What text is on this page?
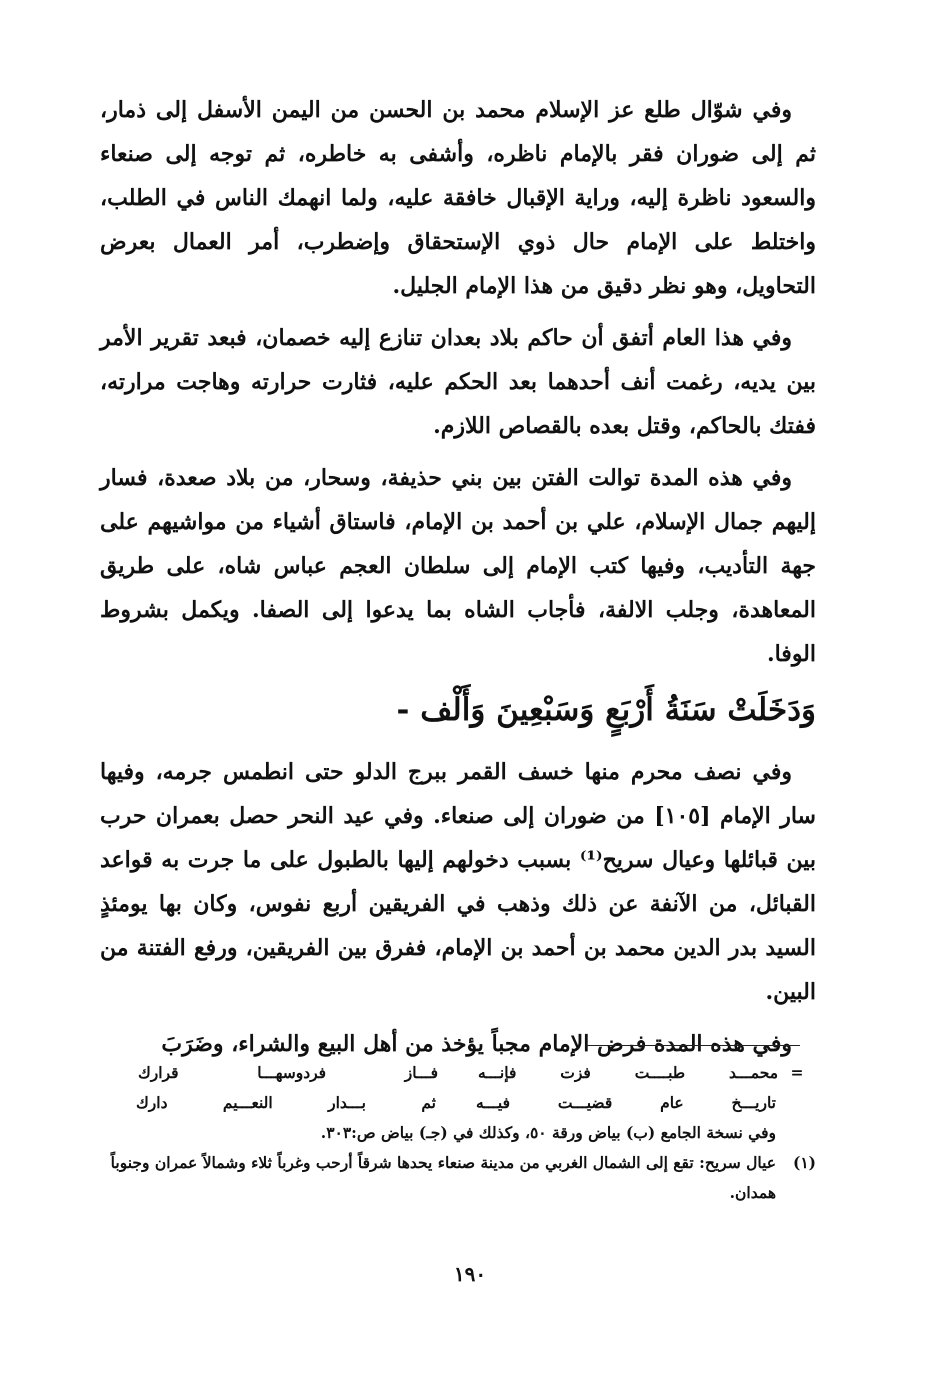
وفي شوّال طلع عز الإسلام محمد بن الحسن من اليمن الأسفل إلى ذمار، ثم إلى ضوران فقر بالإمام ناظره، وأشفى به خاطره، ثم توجه إلى صنعاء والسعود ناظرة إليه، وراية الإقبال خافقة عليه، ولما انهمك الناس في الطلب، واختلط على الإمام حال ذوي الإستحقاق وإضطرب، أمر العمال بعرض التحاويل، وهو نظر دقيق من هذا الإمام الجليل.

وفي هذا العام أتفق أن حاكم بلاد بعدان تنازع إليه خصمان، فبعد تقرير الأمر بين يديه، رغمت أنف أحدهما بعد الحكم عليه، فثارت حرارته وهاجت مرارته، ففتك بالحاكم، وقتل بعده بالقصاص اللازم.

وفي هذه المدة توالت الفتن بين بني حذيفة، وسحار، من بلاد صعدة، فسار إليهم جمال الإسلام، علي بن أحمد بن الإمام، فاستاق أشياء من مواشيهم على جهة التأديب، وفيها كتب الإمام إلى سلطان العجم عباس شاه، على طريق المعاهدة، وجلب الالفة، فأجاب الشاه بما يدعوا إلى الصفا. ويكمل بشروط الوفا.

وَدَخَلَتْ سَنَةُ أَرْبَعٍ وَسَبْعِينَ وَأَلْف -

وفي نصف محرم منها خسف القمر ببرج الدلو حتى انطمس جرمه، وفيها سار الإمام [١٠٥] من ضوران إلى صنعاء. وفي عيد النحر حصل بعمران حرب بين قبائلها وعيال سريح⁽¹⁾ بسبب دخولهم إليها بالطبول على ما جرت به قواعد القبائل، من الآنفة عن ذلك وذهب في الفريقين أربع نفوس، وكان بها يومئذٍ السيد بدر الدين محمد بن أحمد بن الإمام، ففرق بين الفريقين، ورفع الفتنة من البين.

وفي هذه المدة فرض الإمام مجباً يؤخذ من أهل البيع والشراء، وضَرَبَ

=
محمـــد طبــــت فزت فإنـــه
فـــاز فردوسهـــا قرارك
تاريـــخ عام قضيـــت فيـــه
ثم بـــدار النعـــيم دارك
وفي نسخة الجامع (ب) بياض ورقة ٥٠، وكذلك في (جـ) بياض ص:٣٠٣.
(١)
عيال سريح: تقع إلى الشمال الغربي من مدينة صنعاء يحدها شرقاً أرحب وغرباً ثلاء وشمالاً عمران وجنوباً همدان.
١٩٠
